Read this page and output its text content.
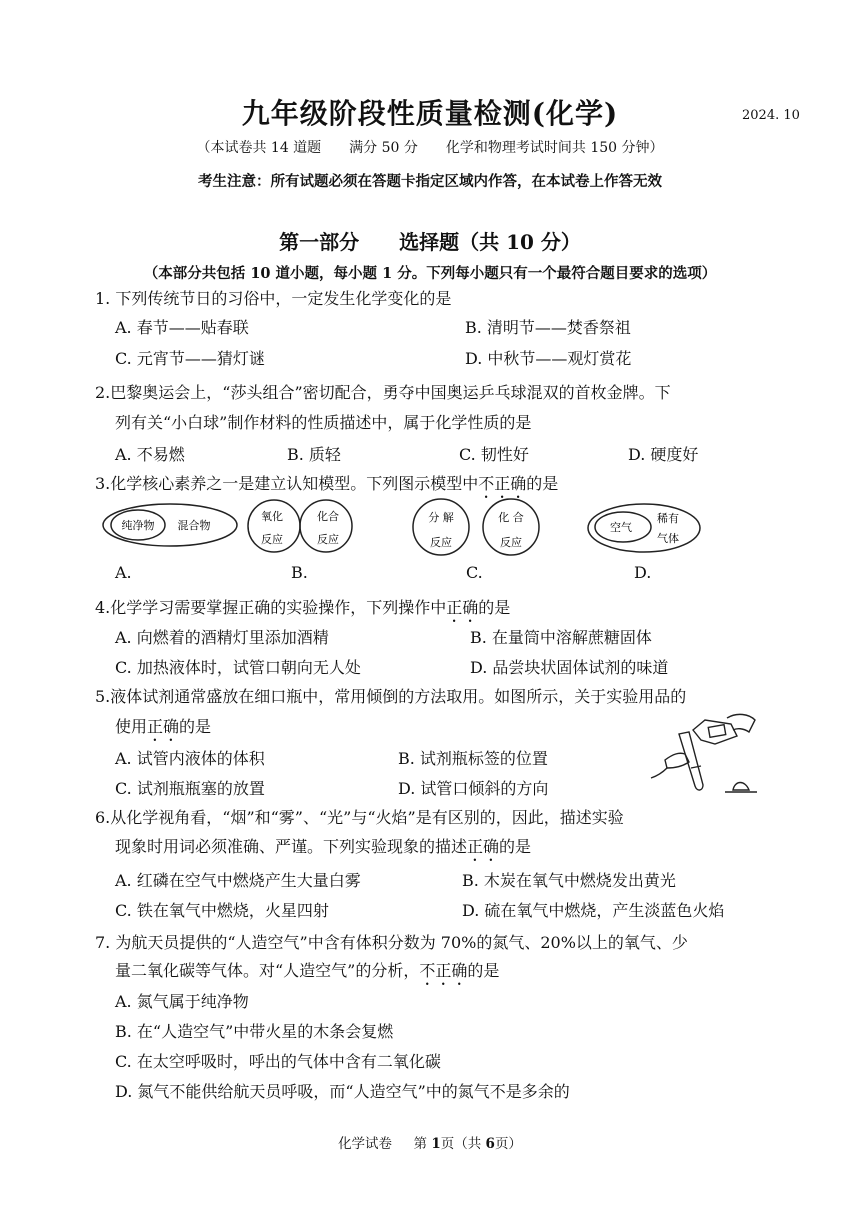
九年级阶段性质量检测(化学)	2024. 10
（本试卷共 14 道题　　满分 50 分　　化学和物理考试时间共 150 分钟）
考生注意：所有试题必须在答题卡指定区域内作答，在本试卷上作答无效
第一部分　　选择题（共 10 分）
（本部分共包括 10 道小题，每小题 1 分。下列每小题只有一个最符合题目要求的选项）
1. 下列传统节日的习俗中，一定发生化学变化的是
A. 春节——贴春联	B. 清明节——焚香祭祖
C. 元宵节——猜灯谜	D. 中秋节——观灯赏花
2.巴黎奥运会上，“莎头组合”密切配合，勇夺中国奥运乒乓球混双的首枚金牌。下
列有关“小白球”制作材料的性质描述中，属于化学性质的是
A. 不易燃	B. 质轻	C. 韧性好	D. 硬度好
3.化学核心素养之一是建立认知模型。下列图示模型中不正确的是
纯净物 混合物
氧化
反应
化合
反应
分 解
反应
化 合
反应
空气
稀有
气体
A.	B.	C.	D.
4.化学学习需要掌握正确的实验操作，下列操作中正确的是
A. 向燃着的酒精灯里添加酒精	B. 在量筒中溶解蔗糖固体
C. 加热液体时，试管口朝向无人处	D. 品尝块状固体试剂的味道
5.液体试剂通常盛放在细口瓶中，常用倾倒的方法取用。如图所示，关于实验用品的
使用正确的是
A. 试管内液体的体积	B. 试剂瓶标签的位置
C. 试剂瓶瓶塞的放置	D. 试管口倾斜的方向
6.从化学视角看，“烟”和“雾”、“光”与“火焰”是有区别的，因此，描述实验
现象时用词必须准确、严谨。下列实验现象的描述正确的是
A. 红磷在空气中燃烧产生大量白雾	B. 木炭在氧气中燃烧发出黄光
C. 铁在氧气中燃烧，火星四射	D. 硫在氧气中燃烧，产生淡蓝色火焰
7. 为航天员提供的“人造空气”中含有体积分数为 70%的氮气、20%以上的氧气、少
量二氧化碳等气体。对“人造空气”的分析，不正确的是
A. 氮气属于纯净物
B. 在“人造空气”中带火星的木条会复燃
C. 在太空呼吸时，呼出的气体中含有二氧化碳
D. 氮气不能供给航天员呼吸，而“人造空气”中的氮气不是多余的
化学试卷 第 1页（共 6页）
